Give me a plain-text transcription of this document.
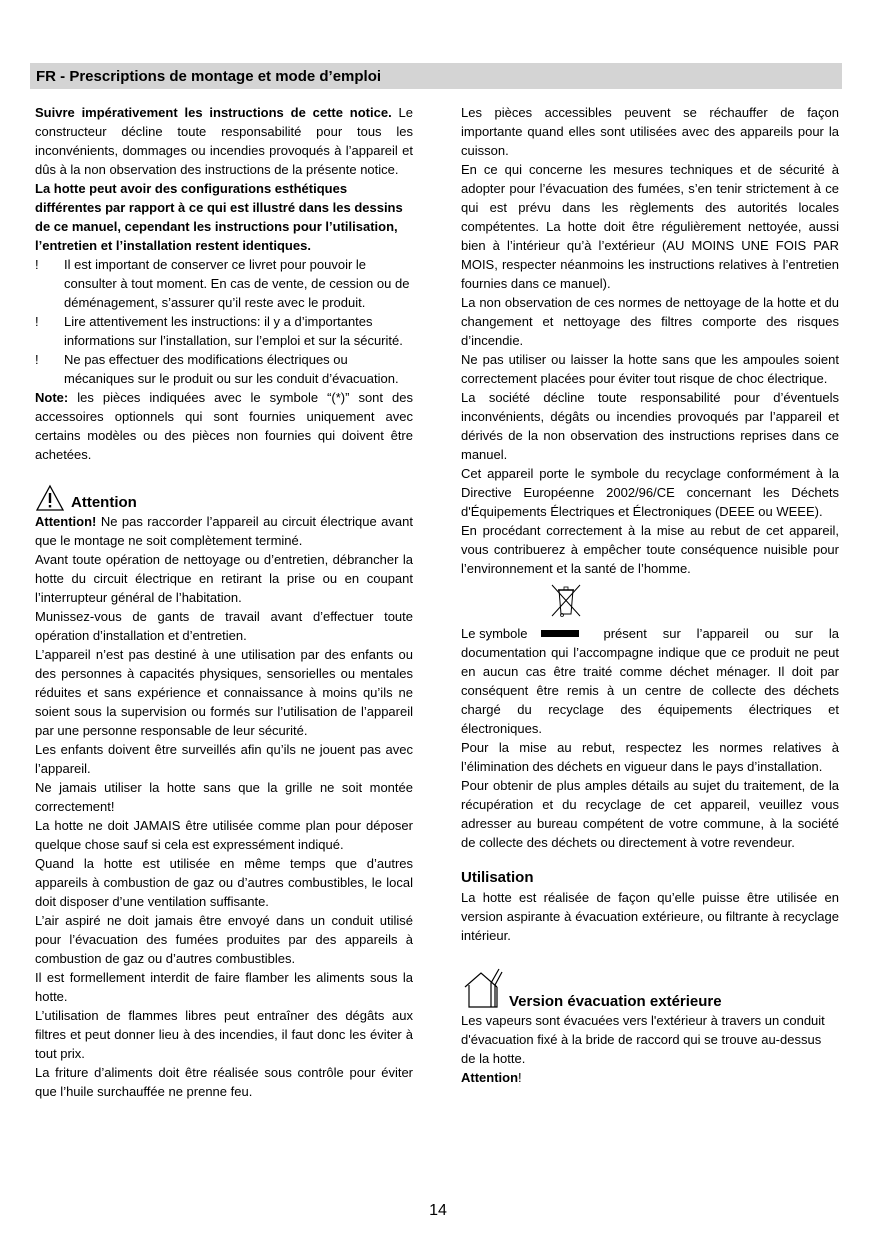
FR - Prescriptions de montage et mode d’emploi

Suivre impérativement les instructions de cette notice. Le constructeur décline toute responsabilité pour tous les inconvénients, dommages ou incendies provoqués à l’appareil et dûs à la non observation des instructions de la présente notice.

La hotte peut avoir des configurations esthétiques différentes par rapport à ce qui est illustré dans les dessins de ce manuel, cependant les instructions pour l’utilisation, l’entretien et l’installation restent identiques.

!	Il est important de conserver ce livret pour pouvoir le consulter à tout moment. En cas de vente, de cession ou de déménagement, s’assurer qu’il reste avec le produit.
!	Lire attentivement les instructions: il y a d’importantes informations sur l’installation, sur l’emploi et sur la sécurité.
!	Ne pas effectuer des modifications électriques ou mécaniques sur le produit ou sur les conduit d’évacuation.

Note: les pièces indiquées avec le symbole “(*)” sont des accessoires optionnels qui sont fournies uniquement avec certains modèles ou des pièces non fournies qui doivent être achetées.

Attention

Attention! Ne pas raccorder l’appareil au circuit électrique avant que le montage ne soit complètement terminé.

Avant toute opération de nettoyage ou d’entretien, débrancher la hotte du circuit électrique en retirant la prise ou en coupant l’interrupteur général de l’habitation.

Munissez-vous de gants de travail avant d’effectuer toute opération d’installation et d’entretien.

L’appareil n’est pas destiné à une utilisation par des enfants ou des personnes à capacités physiques, sensorielles ou mentales réduites et sans expérience et connaissance à moins qu’ils ne soient sous la supervision ou formés sur l’utilisation de l’appareil par une personne responsable de leur sécurité.

Les enfants doivent être surveillés afin qu’ils ne jouent pas avec l’appareil.

Ne jamais utiliser la hotte sans que la grille ne soit montée correctement!

La hotte ne doit JAMAIS être utilisée comme plan pour déposer quelque chose sauf si cela est expressément indiqué.

Quand la hotte est utilisée en même temps que d’autres appareils à combustion de gaz ou d’autres combustibles, le local doit disposer d’une ventilation suffisante.

L’air aspiré ne doit jamais être envoyé dans un conduit utilisé pour l’évacuation des fumées produites par des appareils à combustion de gaz ou d’autres combustibles.

Il est formellement interdit de faire flamber les aliments sous la hotte.

L’utilisation de flammes libres peut entraîner des dégâts aux filtres et peut donner lieu à des incendies, il faut donc les éviter à tout prix.

La friture d’aliments doit être réalisée sous contrôle pour éviter que l’huile surchauffée ne prenne feu.

Les pièces accessibles peuvent se réchauffer de façon importante quand elles sont utilisées avec des appareils pour la cuisson.

En ce qui concerne les mesures techniques et de sécurité à adopter pour l’évacuation des fumées, s’en tenir strictement à ce qui est prévu dans les règlements des autorités locales compétentes. La hotte doit être régulièrement nettoyée, aussi bien à l’intérieur qu’à l’extérieur (AU MOINS UNE FOIS PAR MOIS, respecter néanmoins les instructions relatives à l’entretien fournies dans ce manuel).

La non observation de ces normes de nettoyage de la hotte et du changement et nettoyage des filtres comporte des risques d’incendie.

Ne pas utiliser ou laisser la hotte sans que les ampoules soient correctement placées pour éviter tout risque de choc électrique.

La société décline toute responsabilité pour d’éventuels inconvénients, dégâts ou incendies provoqués par l’appareil et dérivés de la non observation des instructions reprises dans ce manuel.

Cet appareil porte le symbole du recyclage conformément à la Directive Européenne 2002/96/CE concernant les Déchets d'Équipements Électriques et Électroniques (DEEE ou WEEE).

En procédant correctement à la mise au rebut de cet appareil, vous contribuerez à empêcher toute conséquence nuisible pour l’environnement et la santé de l’homme.

Le symbole	présent sur l’appareil ou sur la

documentation qui l’accompagne indique que ce produit ne peut en aucun cas être traité comme déchet ménager. Il doit par conséquent être remis à un centre de collecte des déchets chargé du recyclage des équipements électriques et électroniques.

Pour la mise au rebut, respectez les normes relatives à l’élimination des déchets en vigueur dans le pays d’installation.

Pour obtenir de plus amples détails au sujet du traitement, de la récupération et du recyclage de cet appareil, veuillez vous adresser au bureau compétent de votre commune, à la société de collecte des déchets ou directement à votre revendeur.

Utilisation

La hotte est réalisée de façon qu’elle puisse être utilisée en version aspirante à évacuation extérieure, ou filtrante à recyclage intérieur.

Version évacuation extérieure

Les vapeurs sont évacuées vers l'extérieur à travers un conduit d'évacuation fixé à la bride de raccord qui se trouve au-dessus de la hotte.

Attention!

14
